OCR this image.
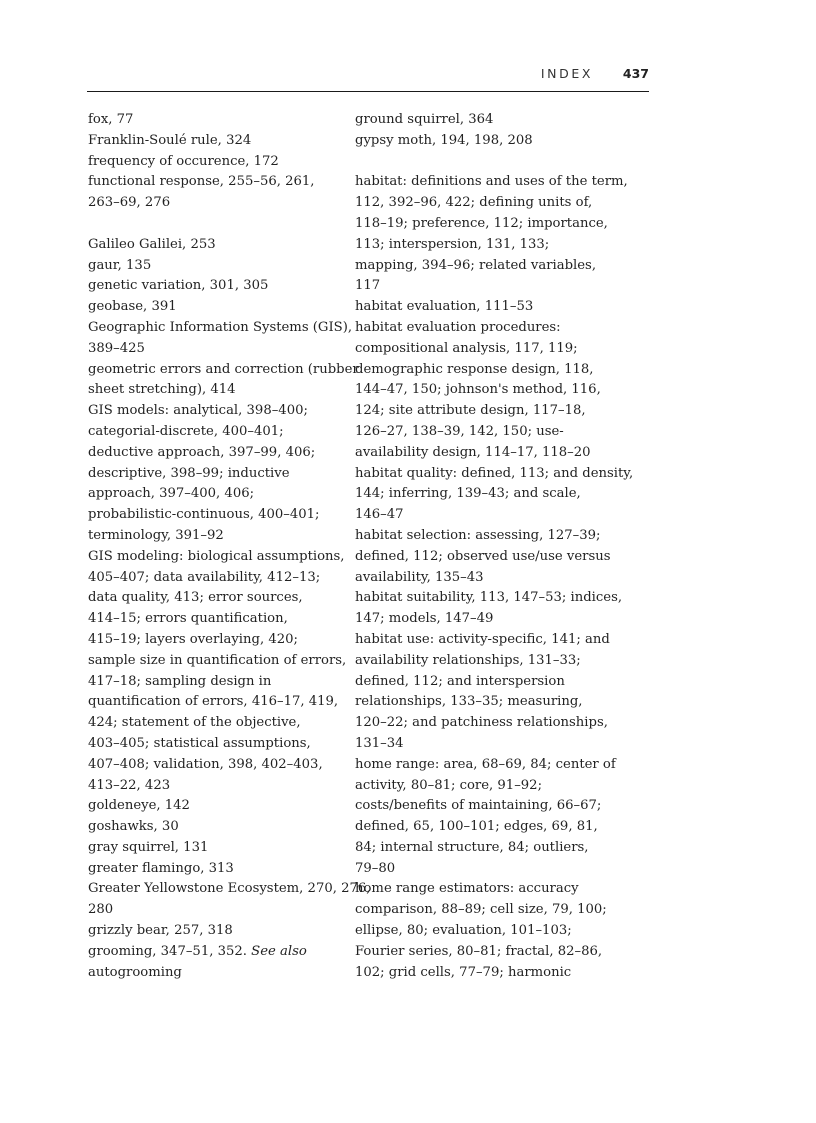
INDEX 437
fox, 77
Franklin-Soulé rule, 324
frequency of occurence, 172
functional response, 255–56, 261,
263–69, 276
Galileo Galilei, 253
gaur, 135
genetic variation, 301, 305
geobase, 391
Geographic Information Systems (GIS),
389–425
geometric errors and correction (rubber
sheet stretching), 414
GIS models: analytical, 398–400;
categorial-discrete, 400–401;
deductive approach, 397–99, 406;
descriptive, 398–99; inductive
approach, 397–400, 406;
probabilistic-continuous, 400–401;
terminology, 391–92
GIS modeling: biological assumptions,
405–407; data availability, 412–13;
data quality, 413; error sources,
414–15; errors quantification,
415–19; layers overlaying, 420;
sample size in quantification of errors,
417–18; sampling design in
quantification of errors, 416–17, 419,
424; statement of the objective,
403–405; statistical assumptions,
407–408; validation, 398, 402–403,
413–22, 423
goldeneye, 142
goshawks, 30
gray squirrel, 131
greater flamingo, 313
Greater Yellowstone Ecosystem, 270, 276,
280
grizzly bear, 257, 318
grooming, 347–51, 352. See also
autogrooming
ground squirrel, 364
gypsy moth, 194, 198, 208
habitat: definitions and uses of the term,
112, 392–96, 422; defining units of,
118–19; preference, 112; importance,
113; interspersion, 131, 133;
mapping, 394–96; related variables,
117
habitat evaluation, 111–53
habitat evaluation procedures:
compositional analysis, 117, 119;
demographic response design, 118,
144–47, 150; johnson's method, 116,
124; site attribute design, 117–18,
126–27, 138–39, 142, 150; use-
availability design, 114–17, 118–20
habitat quality: defined, 113; and density,
144; inferring, 139–43; and scale,
146–47
habitat selection: assessing, 127–39;
defined, 112; observed use/use versus
availability, 135–43
habitat suitability, 113, 147–53; indices,
147; models, 147–49
habitat use: activity-specific, 141; and
availability relationships, 131–33;
defined, 112; and interspersion
relationships, 133–35; measuring,
120–22; and patchiness relationships,
131–34
home range: area, 68–69, 84; center of
activity, 80–81; core, 91–92;
costs/benefits of maintaining, 66–67;
defined, 65, 100–101; edges, 69, 81,
84; internal structure, 84; outliers,
79–80
home range estimators: accuracy
comparison, 88–89; cell size, 79, 100;
ellipse, 80; evaluation, 101–103;
Fourier series, 80–81; fractal, 82–86,
102; grid cells, 77–79; harmonic
